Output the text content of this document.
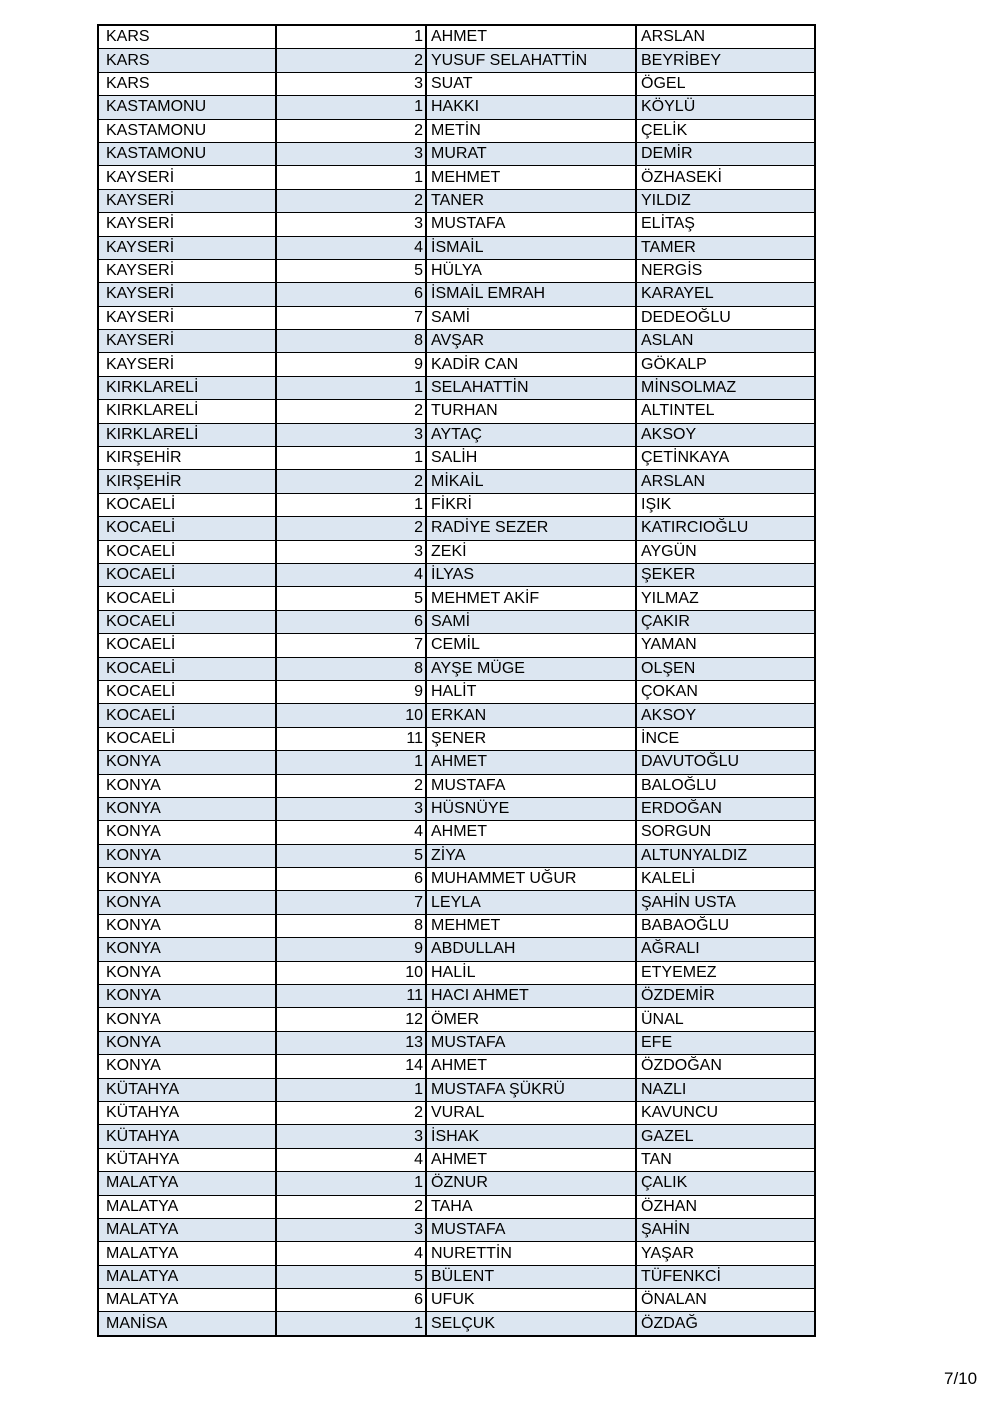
KARS	1	AHMET	ARSLAN
KARS	2	YUSUF SELAHATTİN	BEYRİBEY
KARS	3	SUAT	ÖGEL
KASTAMONU	1	HAKKI	KÖYLÜ
KASTAMONU	2	METİN	ÇELİK
KASTAMONU	3	MURAT	DEMİR
KAYSERİ	1	MEHMET	ÖZHASEKİ
KAYSERİ	2	TANER	YILDIZ
KAYSERİ	3	MUSTAFA	ELİTAŞ
KAYSERİ	4	İSMAİL	TAMER
KAYSERİ	5	HÜLYA	NERGİS
KAYSERİ	6	İSMAİL EMRAH	KARAYEL
KAYSERİ	7	SAMİ	DEDEOĞLU
KAYSERİ	8	AVŞAR	ASLAN
KAYSERİ	9	KADİR CAN	GÖKALP
KIRKLARELİ	1	SELAHATTİN	MİNSOLMAZ
KIRKLARELİ	2	TURHAN	ALTINTEL
KIRKLARELİ	3	AYTAÇ	AKSOY
KIRŞEHİR	1	SALİH	ÇETİNKAYA
KIRŞEHİR	2	MİKAİL	ARSLAN
KOCAELİ	1	FİKRİ	IŞIK
KOCAELİ	2	RADİYE SEZER	KATIRCIOĞLU
KOCAELİ	3	ZEKİ	AYGÜN
KOCAELİ	4	İLYAS	ŞEKER
KOCAELİ	5	MEHMET AKİF	YILMAZ
KOCAELİ	6	SAMİ	ÇAKIR
KOCAELİ	7	CEMİL	YAMAN
KOCAELİ	8	AYŞE MÜGE	OLŞEN
KOCAELİ	9	HALİT	ÇOKAN
KOCAELİ	10	ERKAN	AKSOY
KOCAELİ	11	ŞENER	İNCE
KONYA	1	AHMET	DAVUTOĞLU
KONYA	2	MUSTAFA	BALOĞLU
KONYA	3	HÜSNÜYE	ERDOĞAN
KONYA	4	AHMET	SORGUN
KONYA	5	ZİYA	ALTUNYALDIZ
KONYA	6	MUHAMMET UĞUR	KALELİ
KONYA	7	LEYLA	ŞAHİN USTA
KONYA	8	MEHMET	BABAOĞLU
KONYA	9	ABDULLAH	AĞRALI
KONYA	10	HALİL	ETYEMEZ
KONYA	11	HACI AHMET	ÖZDEMİR
KONYA	12	ÖMER	ÜNAL
KONYA	13	MUSTAFA	EFE
KONYA	14	AHMET	ÖZDOĞAN
KÜTAHYA	1	MUSTAFA ŞÜKRÜ	NAZLI
KÜTAHYA	2	VURAL	KAVUNCU
KÜTAHYA	3	İSHAK	GAZEL
KÜTAHYA	4	AHMET	TAN
MALATYA	1	ÖZNUR	ÇALIK
MALATYA	2	TAHA	ÖZHAN
MALATYA	3	MUSTAFA	ŞAHİN
MALATYA	4	NURETTİN	YAŞAR
MALATYA	5	BÜLENT	TÜFENKCİ
MALATYA	6	UFUK	ÖNALAN
MANİSA	1	SELÇUK	ÖZDAĞ
7/10
